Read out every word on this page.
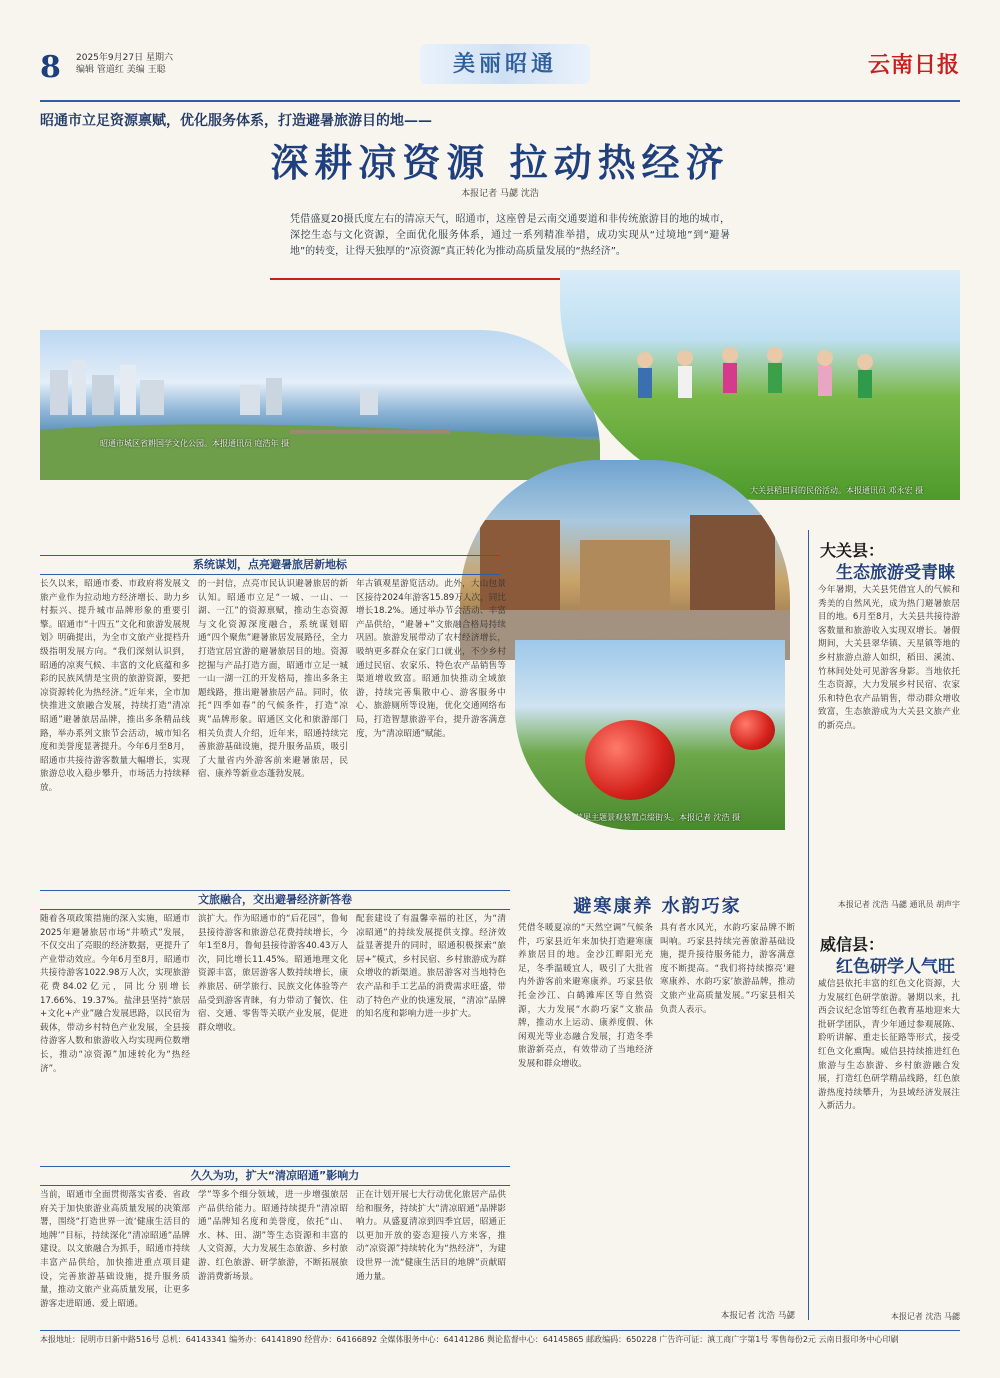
8 2025年9月27日 星期六
编辑 管道红 美编 王聪	美丽昭通	云南日报
昭通市立足资源禀赋，优化服务体系，打造避暑旅游目的地——
深耕凉资源 拉动热经济
本报记者 马勰 沈浩
凭借盛夏20摄氏度左右的清凉天气，昭通市，这座曾是云南交通要道和非传统旅游目的地的城市，深挖生态与文化资源，全面优化服务体系，通过一系列精准举措，成功实现从“过境地”到“避暑地”的转变，让得天独厚的“凉资源”真正转化为推动高质量发展的“热经济”。
昭通市城区省耕国学文化公园。本报通讯员 庭浩年 摄
大关县稻田间的民俗活动。本报通讯员 邓永宏 摄
苹果主题景观装置点缀街头。本报记者 沈浩 摄
系统谋划，点亮避暑旅居新地标
长久以来，昭通市委、市政府将发展文旅产业作为拉动地方经济增长、助力乡村振兴、提升城市品牌形象的重要引擎。昭通市“十四五”文化和旅游发展规划》明确提出，为全市文旅产业提档升级指明发展方向。“我们深刻认识到，昭通的凉爽气候、丰富的文化底蕴和多彩的民族风情是宝贵的旅游资源，要把凉资源转化为热经济。”近年来，全市加快推进文旅融合发展，持续打造“清凉昭通”避暑旅居品牌，推出多条精品线路，举办系列文旅节会活动，城市知名度和美誉度显著提升。今年6月至8月，昭通市共接待游客数量大幅增长，实现旅游总收入稳步攀升，市场活力持续释放。
的一封信，点亮市民认识避暑旅居的新认知。昭通市立足“一城、一山、一湖、一江”的资源禀赋，推动生态资源与文化资源深度融合，系统谋划昭通“四个聚焦”避暑旅居发展路径，全力打造宜居宜游的避暑旅居目的地。资源挖掘与产品打造方面，昭通市立足一城一山一湖一江的开发格局，推出多条主题线路，推出避暑旅居产品。同时，依托“四季如春”的气候条件，打造“凉爽”品牌形象。昭通区文化和旅游部门相关负责人介绍，近年来，昭通持续完善旅游基础设施，提升服务品质，吸引了大量省内外游客前来避暑旅居，民宿、康养等新业态蓬勃发展。
年古镇观星游览活动。此外，大山包景区接待2024年游客15.89万人次，同比增长18.2%。通过举办节会活动、丰富产品供给，“避暑+”文旅融合格局持续巩固。旅游发展带动了农村经济增长，吸纳更多群众在家门口就业，不少乡村通过民宿、农家乐、特色农产品销售等渠道增收致富。昭通加快推动全域旅游，持续完善集散中心、游客服务中心、旅游厕所等设施，优化交通网络布局，打造智慧旅游平台，提升游客满意度，为“清凉昭通”赋能。
文旅融合，交出避暑经济新答卷
随着各项政策措施的深入实施，昭通市2025年避暑旅居市场“井喷式”发展，不仅交出了亮眼的经济数据，更提升了产业带动效应。今年6月至8月，昭通市共接待游客1022.98万人次，实现旅游花费84.02亿元，同比分别增长17.66%、19.37%。盐津县坚持“旅居+文化+产业”融合发展思路，以民宿为载体，带动乡村特色产业发展，全县接待游客人数和旅游收入均实现两位数增长，推动“凉资源”加速转化为“热经济”。
滨扩大。作为昭通市的“后花园”，鲁甸县接待游客和旅游总花费持续增长，今年1至8月，鲁甸县接待游客40.43万人次，同比增长11.45%。昭通地理文化资源丰富，旅居游客人数持续增长，康养旅居、研学旅行、民族文化体验等产品受到游客青睐，有力带动了餐饮、住宿、交通、零售等关联产业发展，促进群众增收。
配套建设了有温馨幸福的社区，为“清凉昭通”的持续发展提供支撑。经济效益显著提升的同时，昭通积极探索“旅居+”模式，乡村民宿、乡村旅游成为群众增收的新渠道。旅居游客对当地特色农产品和手工艺品的消费需求旺盛，带动了特色产业的快速发展，“清凉”品牌的知名度和影响力进一步扩大。
久久为功，扩大“清凉昭通”影响力
当前，昭通市全面贯彻落实省委、省政府关于加快旅游业高质量发展的决策部署，围绕“打造世界一流‘健康生活目的地牌’”目标，持续深化“清凉昭通”品牌建设。以文旅融合为抓手，昭通市持续丰富产品供给，加快推进重点项目建设，完善旅游基础设施，提升服务质量，推动文旅产业高质量发展，让更多游客走进昭通、爱上昭通。
学”等多个细分领域，进一步增强旅居产品供给能力。昭通持续提升“清凉昭通”品牌知名度和美誉度，依托“山、水、林、田、湖”等生态资源和丰富的人文资源，大力发展生态旅游、乡村旅游、红色旅游、研学旅游，不断拓展旅游消费新场景。
正在计划开展七大行动优化旅居产品供给和服务，持续扩大“清凉昭通”品牌影响力。从盛夏清凉到四季宜居，昭通正以更加开放的姿态迎接八方来客，推动“凉资源”持续转化为“热经济”，为建设世界一流“健康生活目的地牌”贡献昭通力量。
避寒康养 水韵巧家
凭借冬暖夏凉的“天然空调”气候条件，巧家县近年来加快打造避寒康养旅居目的地。金沙江畔阳光充足，冬季温暖宜人，吸引了大批省内外游客前来避寒康养。巧家县依托金沙江、白鹤滩库区等自然资源，大力发展“水韵巧家”文旅品牌，推动水上运动、康养度假、休闲观光等业态融合发展，打造冬季旅游新亮点，有效带动了当地经济发展和群众增收。
具有者水风光，水韵巧家品牌不断叫响。巧家县持续完善旅游基础设施，提升接待服务能力，游客满意度不断提高。“我们将持续擦亮‘避寒康养、水韵巧家’旅游品牌，推动文旅产业高质量发展。”巧家县相关负责人表示。
本报记者 沈浩 马勰
大关县：
生态旅游受青睐
今年暑期，大关县凭借宜人的气候和秀美的自然风光，成为热门避暑旅居目的地。6月至8月，大关县共接待游客数量和旅游收入实现双增长。暑假期间，大关县翠华镇、天星镇等地的乡村旅游点游人如织，稻田、溪流、竹林间处处可见游客身影。当地依托生态资源，大力发展乡村民宿、农家乐和特色农产品销售，带动群众增收致富，生态旅游成为大关县文旅产业的新亮点。
本报记者 沈浩 马勰 通讯员 胡声宇
威信县：
红色研学人气旺
威信县依托丰富的红色文化资源，大力发展红色研学旅游。暑期以来，扎西会议纪念馆等红色教育基地迎来大批研学团队，青少年通过参观展陈、聆听讲解、重走长征路等形式，接受红色文化熏陶。威信县持续推进红色旅游与生态旅游、乡村旅游融合发展，打造红色研学精品线路，红色旅游热度持续攀升，为县域经济发展注入新活力。
本报记者 沈浩 马勰
本报地址：昆明市日新中路516号 总机：64143341 编务办：64141890 经营办：64166892 全媒体服务中心：64141286 舆论监督中心：64145865 邮政编码：650228 广告许可证：滇工商广字第1号 零售每份2元 云南日报印务中心印刷
